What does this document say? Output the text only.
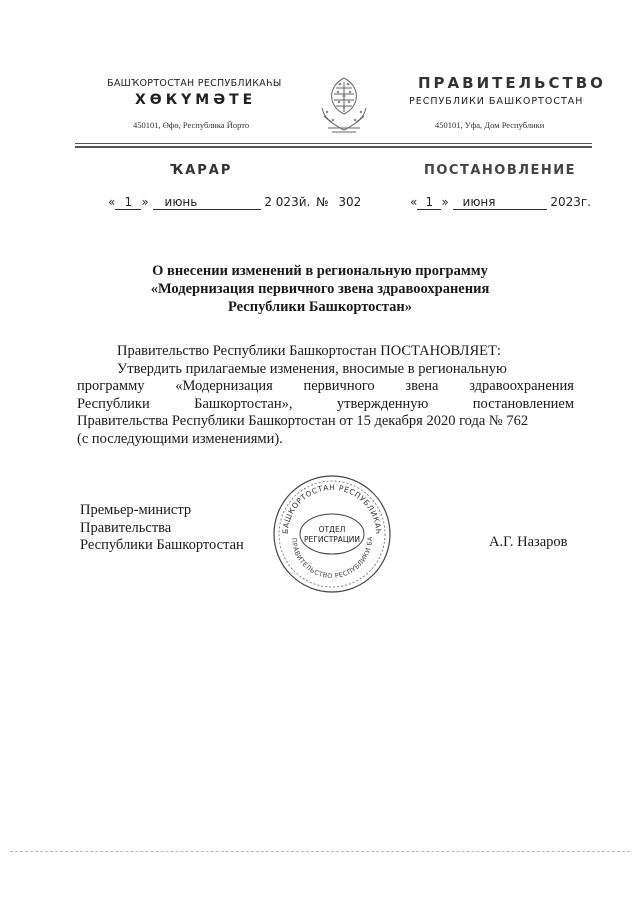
БАШҠОРТОСТАН РЕСПУБЛИКАҺЫ
ХӨКҮМӘТЕ
450101, Өфө, Республика Йорто
ПРАВИТЕЛЬСТВО
РЕСПУБЛИКИ БАШКОРТОСТАН
450101, Уфа, Дом Республики
ҠАРАР	ПОСТАНОВЛЕНИЕ
« 1 » июнь	2 023й. № 302	« 1 » июня	2023г.
О внесении изменений в региональную программу
«Модернизация первичного звена здравоохранения
Республики Башкортостан»
Правительство Республики Башкортостан ПОСТАНОВЛЯЕТ:
Утвердить прилагаемые изменения, вносимые в региональную
программу «Модернизация первичного звена здравоохранения
Республики	Башкортостан»,	утвержденную	постановлением
Правительства Республики Башкортостан от 15 декабря 2020 года № 762
(с последующими изменениями).
Премьер-министр
Правительства
Республики Башкортостан	А.Г. Назаров
БАШКОРТОСТАН РЕСПУБЛИКАҺ
ПРАВИТЕЛЬСТВО РЕСПУБЛИКИ БА
ОТДЕЛ
РЕГИСТРАЦИИ
